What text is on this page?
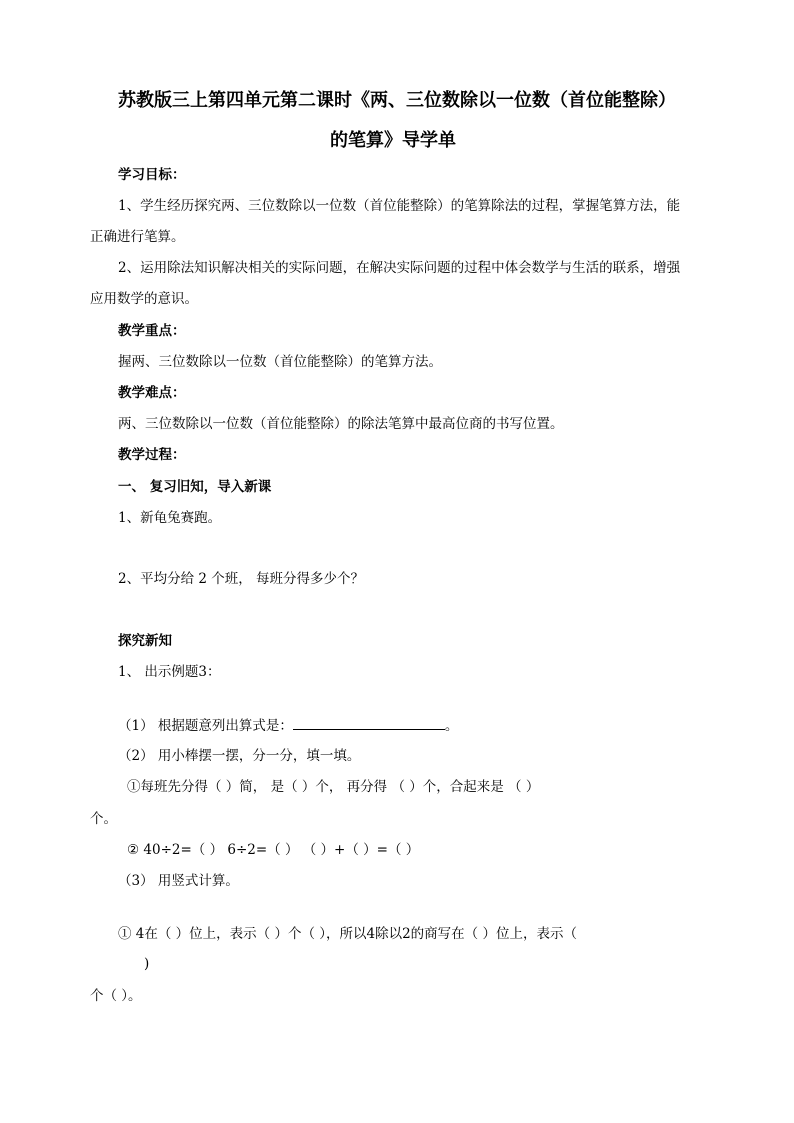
苏教版三上第四单元第二课时《两、三位数除以一位数（首位能整除）
的笔算》导学单
学习目标：
1、学生经历探究两、三位数除以一位数（首位能整除）的笔算除法的过程，掌握笔算方法，能
正确进行笔算。
2、运用除法知识解决相关的实际问题，在解决实际问题的过程中体会数学与生活的联系，增强
应用数学的意识。
教学重点：
握两、三位数除以一位数（首位能整除）的笔算方法。
教学难点：
两、三位数除以一位数（首位能整除）的除法笔算中最高位商的书写位置。
教学过程：
一、 复习旧知，导入新课
1、新龟兔赛跑。
2、平均分给 2 个班， 每班分得多少个？
探究新知
1、 出示例题3：
（1） 根据题意列出算式是：	。
（2） 用小棒摆一摆，分一分，填一填。
①每班先分得（ ）简， 是（ ）个， 再分得 （ ）个，合起来是 （ ）
个。
② 40÷2=（ ） 6÷2=（ ） （ ）+（ ）=（ ）
（3） 用竖式计算。
① 4在（ ）位上，表示（ ）个（ ），所以4除以2的商写在（ ）位上，表示（
)
个（ ）。
